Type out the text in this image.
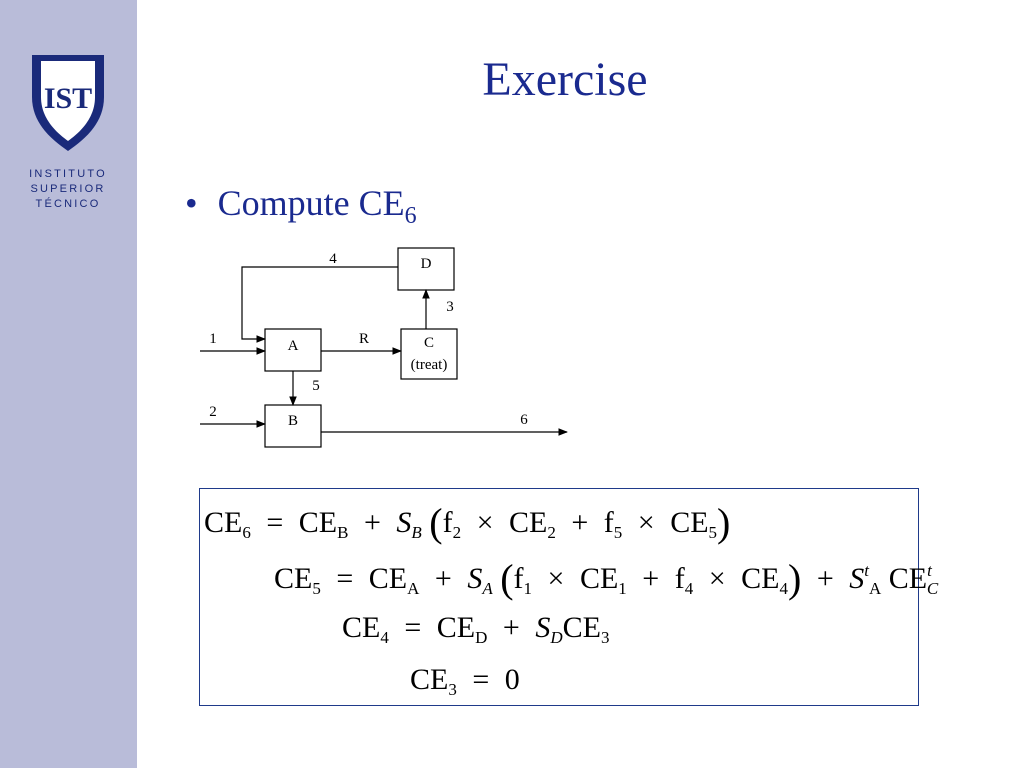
IST
INSTITUTO
SUPERIOR
TÉCNICO
Exercise
• Compute $CE_6$
A
B
C
(treat)
D
1
2
3
4
5
6
R
$CE_6 = CE_B + S_B$ $(f_2 \times CE_2 + f_5 \times CE_5)$
$CE_5 = CE_A + S_A$ $(f_1 \times CE_1 + f_4 \times CE_4) + S^t_A$ $CE^t_C$
$CE_4 = CE_D + S_DCE_3$
$CE_3 = 0$
